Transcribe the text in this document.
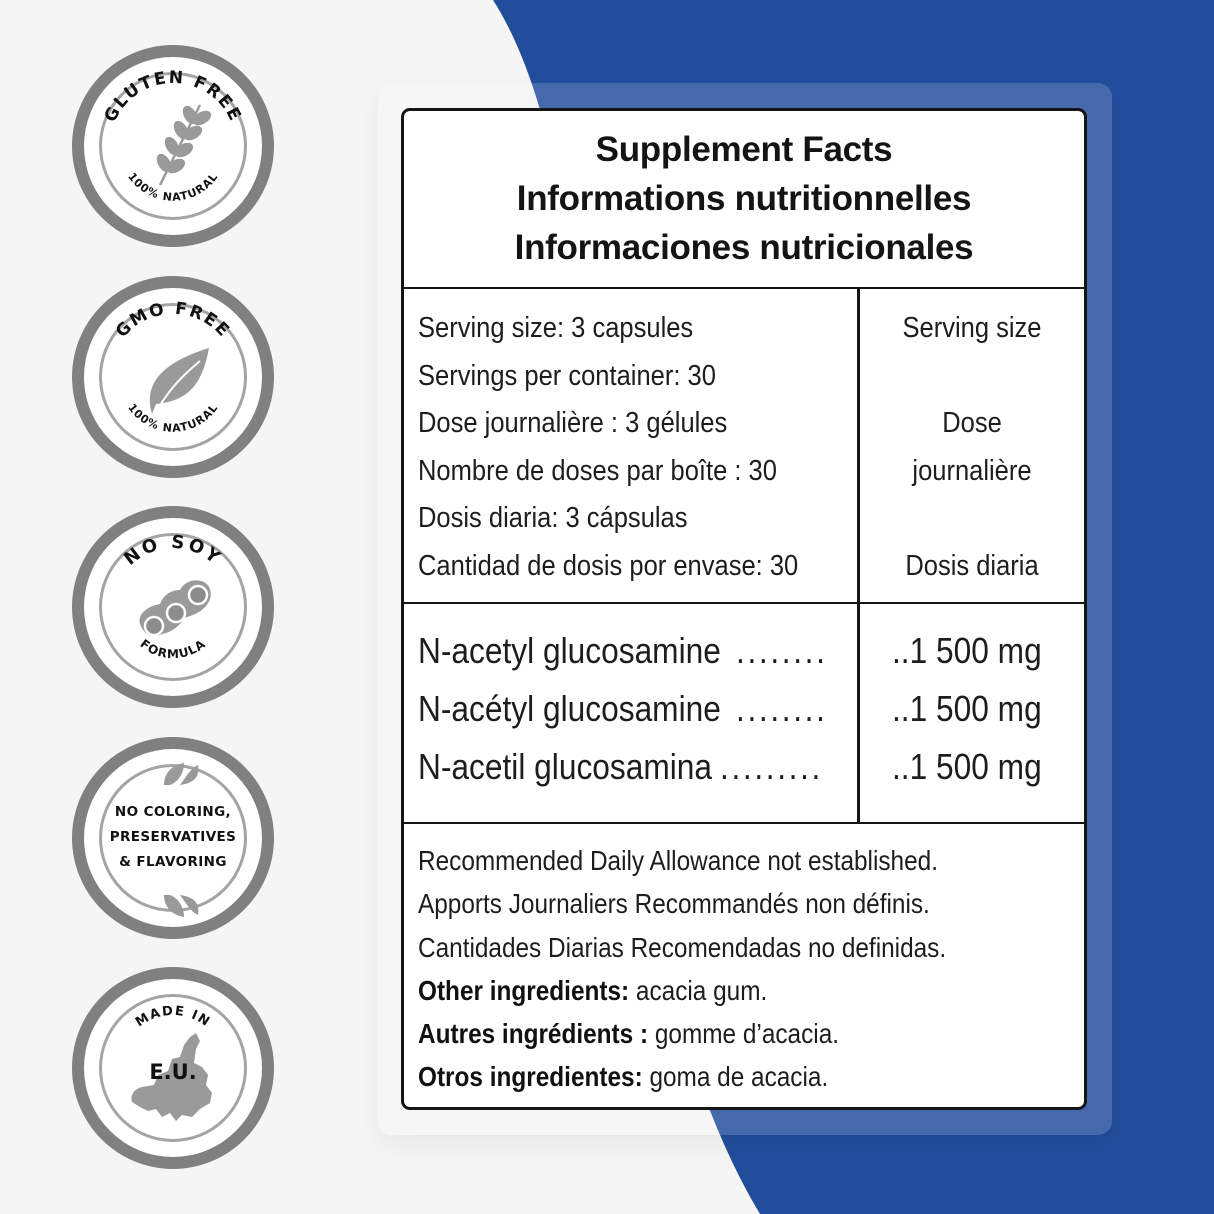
GLUTEN FREE
100% NATURAL
GMO FREE
100% NATURAL
NO SOY
FORMULA
NO COLORING,
PRESERVATIVES
& FLAVORING
MADE IN
E.U.
Supplement Facts
Informations nutritionnelles
Informaciones nutricionales
Serving size: 3 capsules
Servings per container: 30
Dose journalière : 3 gélules
Nombre de doses par boîte : 30
Dosis diaria: 3 cápsulas
Cantidad de dosis por envase: 30
Serving size
Dose
journalière
Dosis diaria
N-acetyl glucosamine ........ ..1 500 mg
N-acétyl glucosamine ........ ..1 500 mg
N-acetil glucosamina ......... ..1 500 mg
Recommended Daily Allowance not established.
Apports Journaliers Recommandés non définis.
Cantidades Diarias Recomendadas no definidas.
Other ingredients: acacia gum.
Autres ingrédients : gomme d’acacia.
Otros ingredientes: goma de acacia.
